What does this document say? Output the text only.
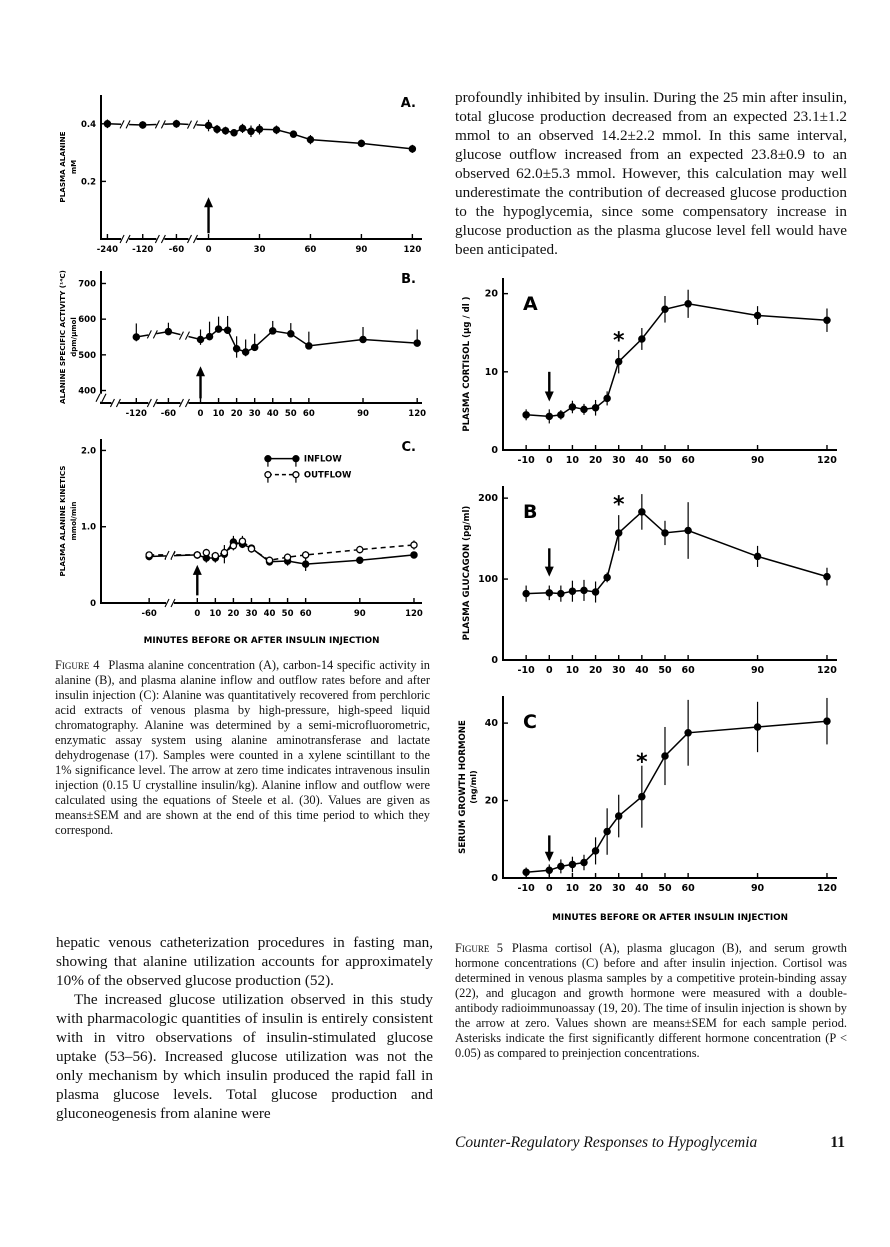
0.2
0.4
-240 -120 -60	0	30	60	90	120
A.
PLASMA ALANINE mM
400
500
600
700
-120 -60	0 10 20 30 40 50 60	90	120
B.
ALANINE SPECIFIC ACTIVITY (¹⁴C) dpm/μmol
0
1.0
2.0
-60	0 10 20 30 40 50 60	90	120
C.
PLASMA ALANINE KINETICS mmol/min
MINUTES BEFORE OR AFTER INSULIN INJECTION
INFLOW
OUTFLOW
Figure 4 Plasma alanine concentration (A), carbon-14 specific activity in alanine (B), and plasma alanine inflow and outflow rates before and after insulin injection (C): Alanine was quantitatively recovered from perchloric acid extracts of venous plasma by high-pressure, high-speed liquid chromatography. Alanine was determined by a semi-microfluorometric, enzymatic assay system using alanine aminotransferase and lactate dehydrogenase (17). Samples were counted in a xylene scintillant to the 1% significance level. The arrow at zero time indicates intravenous insulin injection (0.15 U crystalline insulin/kg). Alanine inflow and outflow were calculated using the equations of Steele et al. (30). Values are given as means±SEM and are shown at the end of this time period to which they correspond.

hepatic venous catheterization procedures in fasting man, showing that alanine utilization accounts for approximately 10% of the observed glucose production (52).

The increased glucose utilization observed in this study with pharmacologic quantities of insulin is entirely consistent with in vitro observations of insulin-stimulated glucose uptake (53–56). Increased glucose utilization was not the only mechanism by which insulin produced the rapid fall in plasma glucose levels. Total glucose production and gluconeogenesis from alanine were

profoundly inhibited by insulin. During the 25 min after insulin, total glucose production decreased from an expected 23.1±1.2 mmol to an observed 14.2±2.2 mmol. In this same interval, glucose outflow increased from an expected 23.8±0.9 to an observed 62.0±5.3 mmol. However, this calculation may well underestimate the contribution of decreased glucose production to the hypoglycemia, since some compensatory increase in glucose production as the plasma glucose level fell would have been anticipated.

0
10
20
-10 0 10 20 30 40 50 60	90	120
*
A
PLASMA CORTISOL (μg / dl )
0
100
200
-10 0 10 20 30 40 50 60	90	120
*
B
PLASMA GLUCAGON (pg/ml)
0
20
40
-10 0 10 20 30 40 50 60	90	120
*
C
SERUM GROWTH HORMONE (ng/ml)
MINUTES BEFORE OR AFTER INSULIN INJECTION
Figure 5 Plasma cortisol (A), plasma glucagon (B), and serum growth hormone concentrations (C) before and after insulin injection. Cortisol was determined in venous plasma samples by a competitive protein-binding assay (22), and glucagon and growth hormone were measured with a double-antibody radioimmunoassay (19, 20). The time of insulin injection is shown by the arrow at zero. Values shown are means±SEM for each sample period. Asterisks indicate the first significantly different hormone concentration (P < 0.05) as compared to preinjection concentrations.
Counter-Regulatory Responses to Hypoglycemia	11
